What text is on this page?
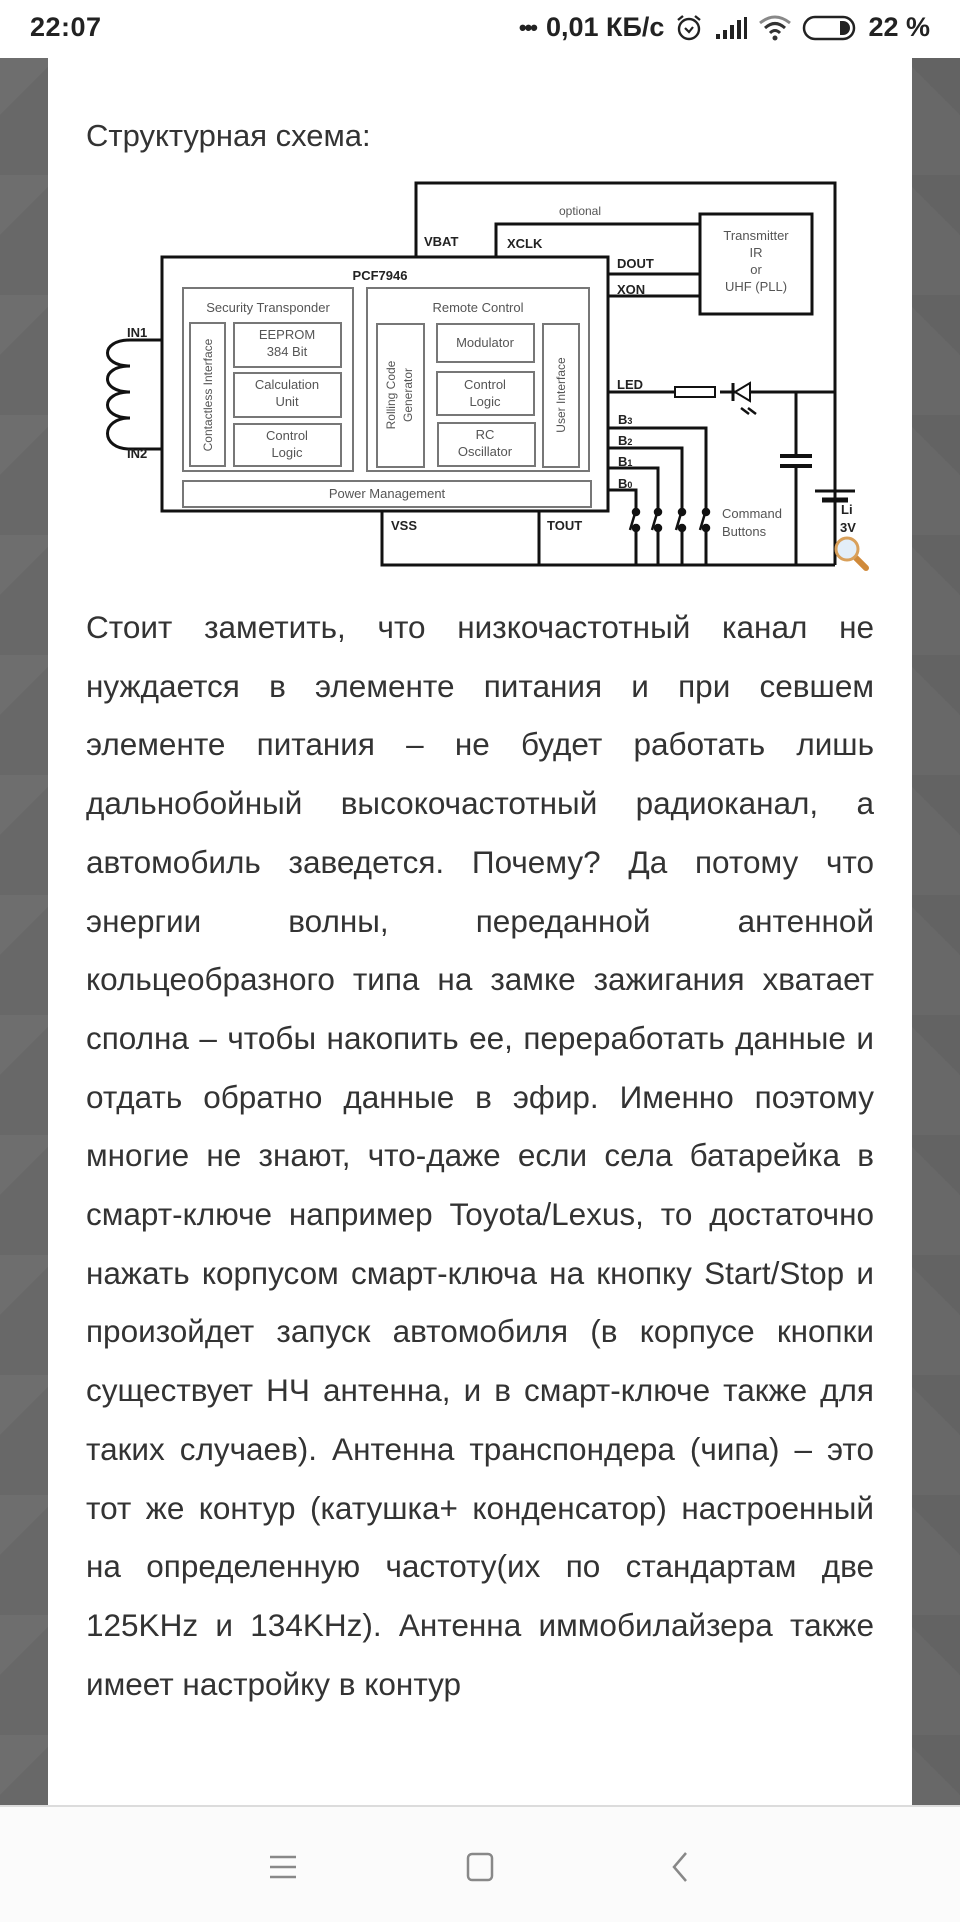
22:07	••• 0,01 КБ/с	22 %
Структурная схема:
PCF7946
IN1
IN2
VBAT	XCLK
DOUT
XON
LED
B3
B2
B1
B0
VSS	TOUT
Li
3V
Security Transponder	Remote Control
EEPROM
384 Bit
Calculation
Unit
Control
Logic
Modulator
Control
Logic
RC
Oscillator
Power Management
optional
Transmitter
IR
or
UHF (PLL)
Contactless Interface	Rolling Code Generator	User Interface
Command
Buttons

Стоит заметить, что низкочастотный канал не нуждается в элементе питания и при севшем элементе питания – не будет работать лишь дальнобойный высокочастотный радиоканал, а автомобиль заведется. Почему? Да потому что энергии волны, переданной антенной кольцеобразного типа на замке зажигания хватает сполна – чтобы накопить ее, переработать данные и отдать обратно данные в эфир. Именно поэтому многие не знают, что-даже если села батарейка в смарт-ключе например Toyota/Lexus, то достаточно нажать корпусом смарт-ключа на кнопку Start/Stop и произойдет запуск автомобиля (в корпусе кнопки существует НЧ антенна, и в смарт-ключе также для таких случаев). Антенна транспондера (чипа) – это тот же контур (катушка+ конденсатор) настроенный на определенную частоту(их по стандартам две 125KHz и 134KHz). Антенна иммобилайзера также имеет настройку в контур
